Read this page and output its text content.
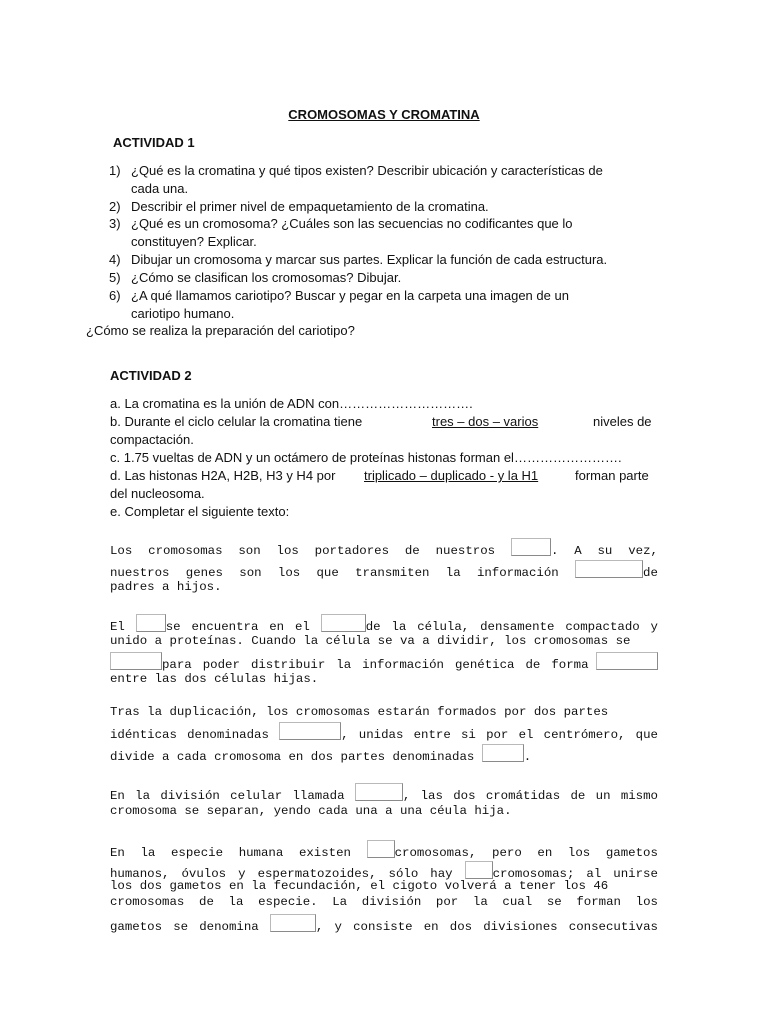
CROMOSOMAS Y CROMATINA
ACTIVIDAD 1
1) ¿Qué es la cromatina y qué tipos existen? Describir ubicación y características de
cada una.
2) Describir el primer nivel de empaquetamiento de la cromatina.
3) ¿Qué es un cromosoma? ¿Cuáles son las secuencias no codificantes que lo
constituyen? Explicar.
4) Dibujar un cromosoma y marcar sus partes. Explicar la función de cada estructura.
5) ¿Cómo se clasifican los cromosomas? Dibujar.
6) ¿A qué llamamos cariotipo? Buscar y pegar en la carpeta una imagen de un
cariotipo humano.
¿Cómo se realiza la preparación del cariotipo?
ACTIVIDAD 2
a. La cromatina es la unión de ADN con………………………….
b. Durante el ciclo celular la cromatina tiene	tres – dos – varios	niveles de
compactación.
c. 1.75 vueltas de ADN y un octámero de proteínas histonas forman el…………………….
d. Las histonas H2A, H2B, H3 y H4 por triplicado – duplicado - y la H1	forman parte
del nucleosoma.
e. Completar el siguiente texto:
Los cromosomas son los portadores de nuestros	. A su vez,
nuestros genes son los que transmiten la información	de
padres a hijos.
El	se encuentra en el	de la célula, densamente compactado y
unido a proteínas. Cuando la célula se va a dividir, los cromosomas se
para poder distribuir la información genética de forma
entre las dos células hijas.
Tras la duplicación, los cromosomas estarán formados por dos partes
idénticas denominadas	, unidas entre si por el centrómero, que
divide a cada cromosoma en dos partes denominadas	.
En la división celular llamada	, las dos cromátidas de un mismo
cromosoma se separan, yendo cada una a una céula hija.
En la especie humana existen	cromosomas, pero en los gametos
humanos, óvulos y espermatozoides, sólo hay	cromosomas; al unirse
los dos gametos en la fecundación, el cigoto volverá a tener los 46
cromosomas de la especie. La división por la cual se forman los
gametos se denomina	, y consiste en dos divisiones consecutivas
